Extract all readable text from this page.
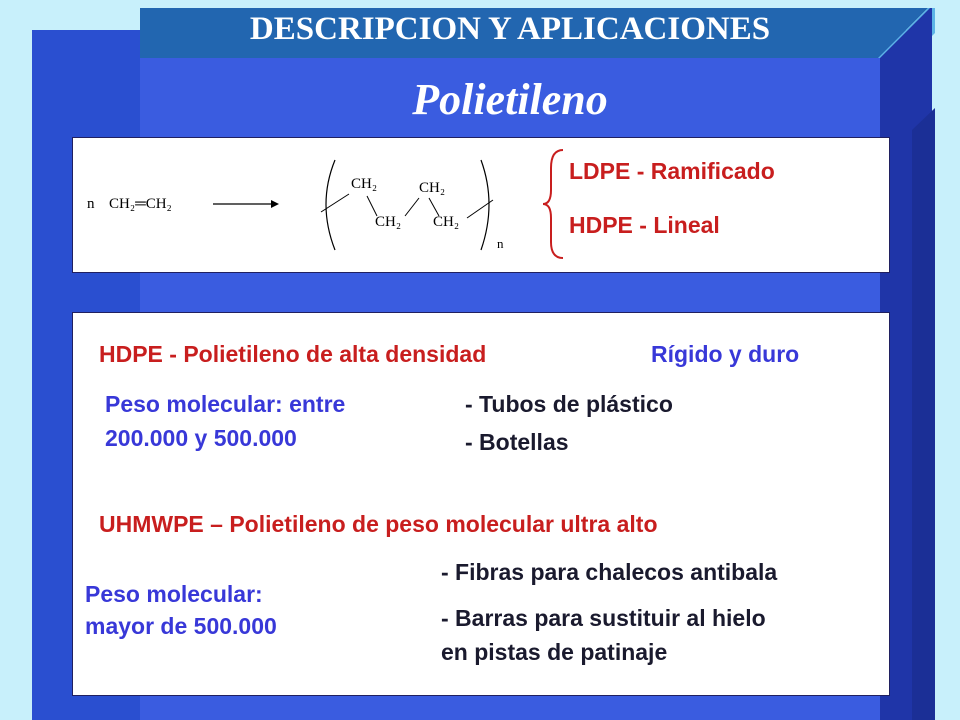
DESCRIPCION Y APLICACIONES
Polietileno
n CH₂═CH₂
CH₂	CH₂
CH₂ CH₂
n
LDPE - Ramificado
HDPE - Lineal
HDPE - Polietileno de alta densidad	Rígido y duro
Peso molecular: entre
200.000 y 500.000
- Tubos de plástico
- Botellas
UHMWPE – Polietileno de peso molecular ultra alto
- Fibras para chalecos antibala
Peso molecular:
mayor de 500.000	- Barras para sustituir al hielo
en pistas de patinaje
